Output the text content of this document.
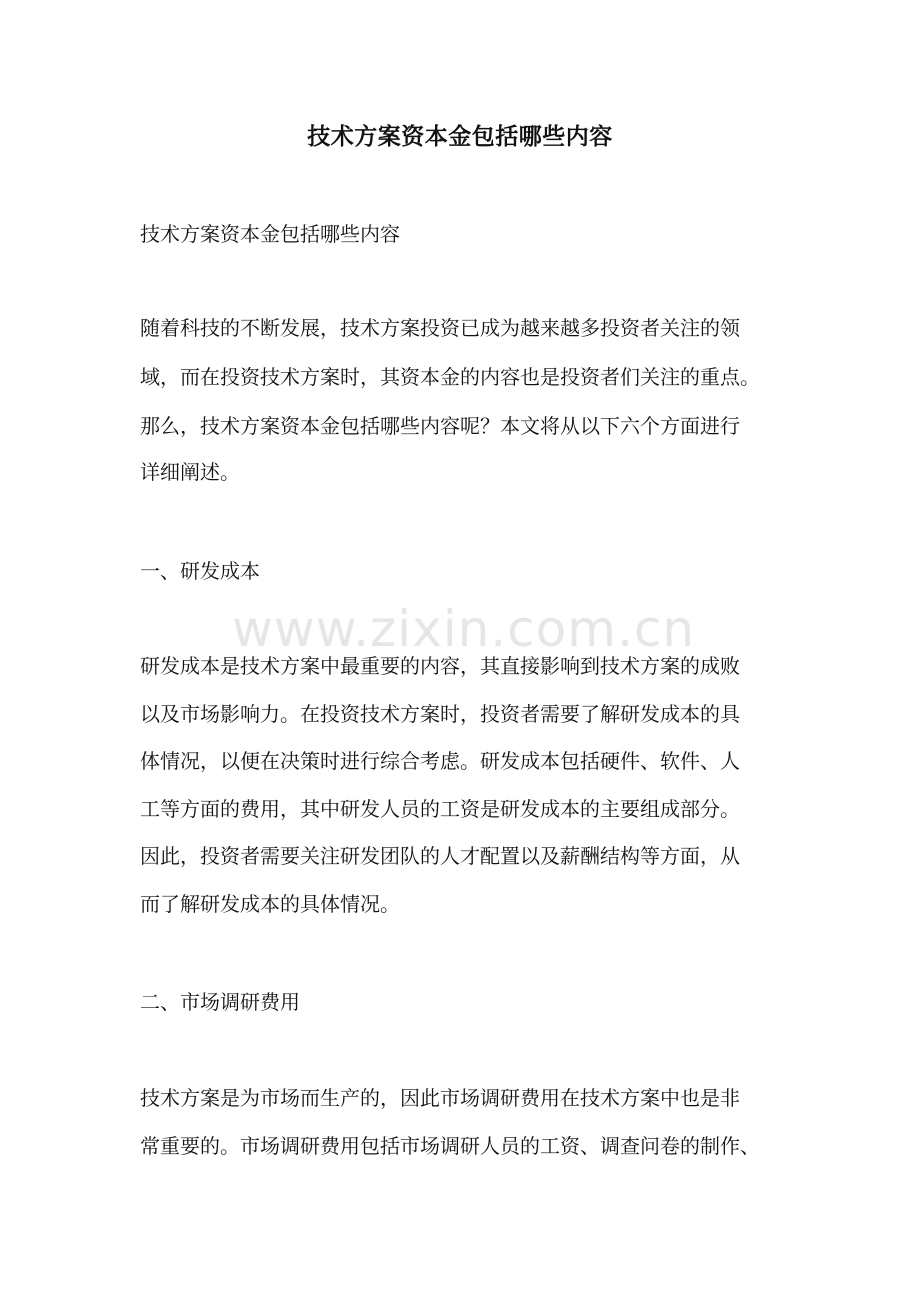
技术方案资本金包括哪些内容

技术方案资本金包括哪些内容

随着科技的不断发展，技术方案投资已成为越来越多投资者关注的领

域，而在投资技术方案时，其资本金的内容也是投资者们关注的重点。

那么，技术方案资本金包括哪些内容呢？本文将从以下六个方面进行

详细阐述。

一、研发成本

www.zixin.com.cn

研发成本是技术方案中最重要的内容，其直接影响到技术方案的成败

以及市场影响力。在投资技术方案时，投资者需要了解研发成本的具

体情况，以便在决策时进行综合考虑。研发成本包括硬件、软件、人

工等方面的费用，其中研发人员的工资是研发成本的主要组成部分。

因此，投资者需要关注研发团队的人才配置以及薪酬结构等方面，从

而了解研发成本的具体情况。

二、市场调研费用

技术方案是为市场而生产的，因此市场调研费用在技术方案中也是非

常重要的。市场调研费用包括市场调研人员的工资、调查问卷的制作、
